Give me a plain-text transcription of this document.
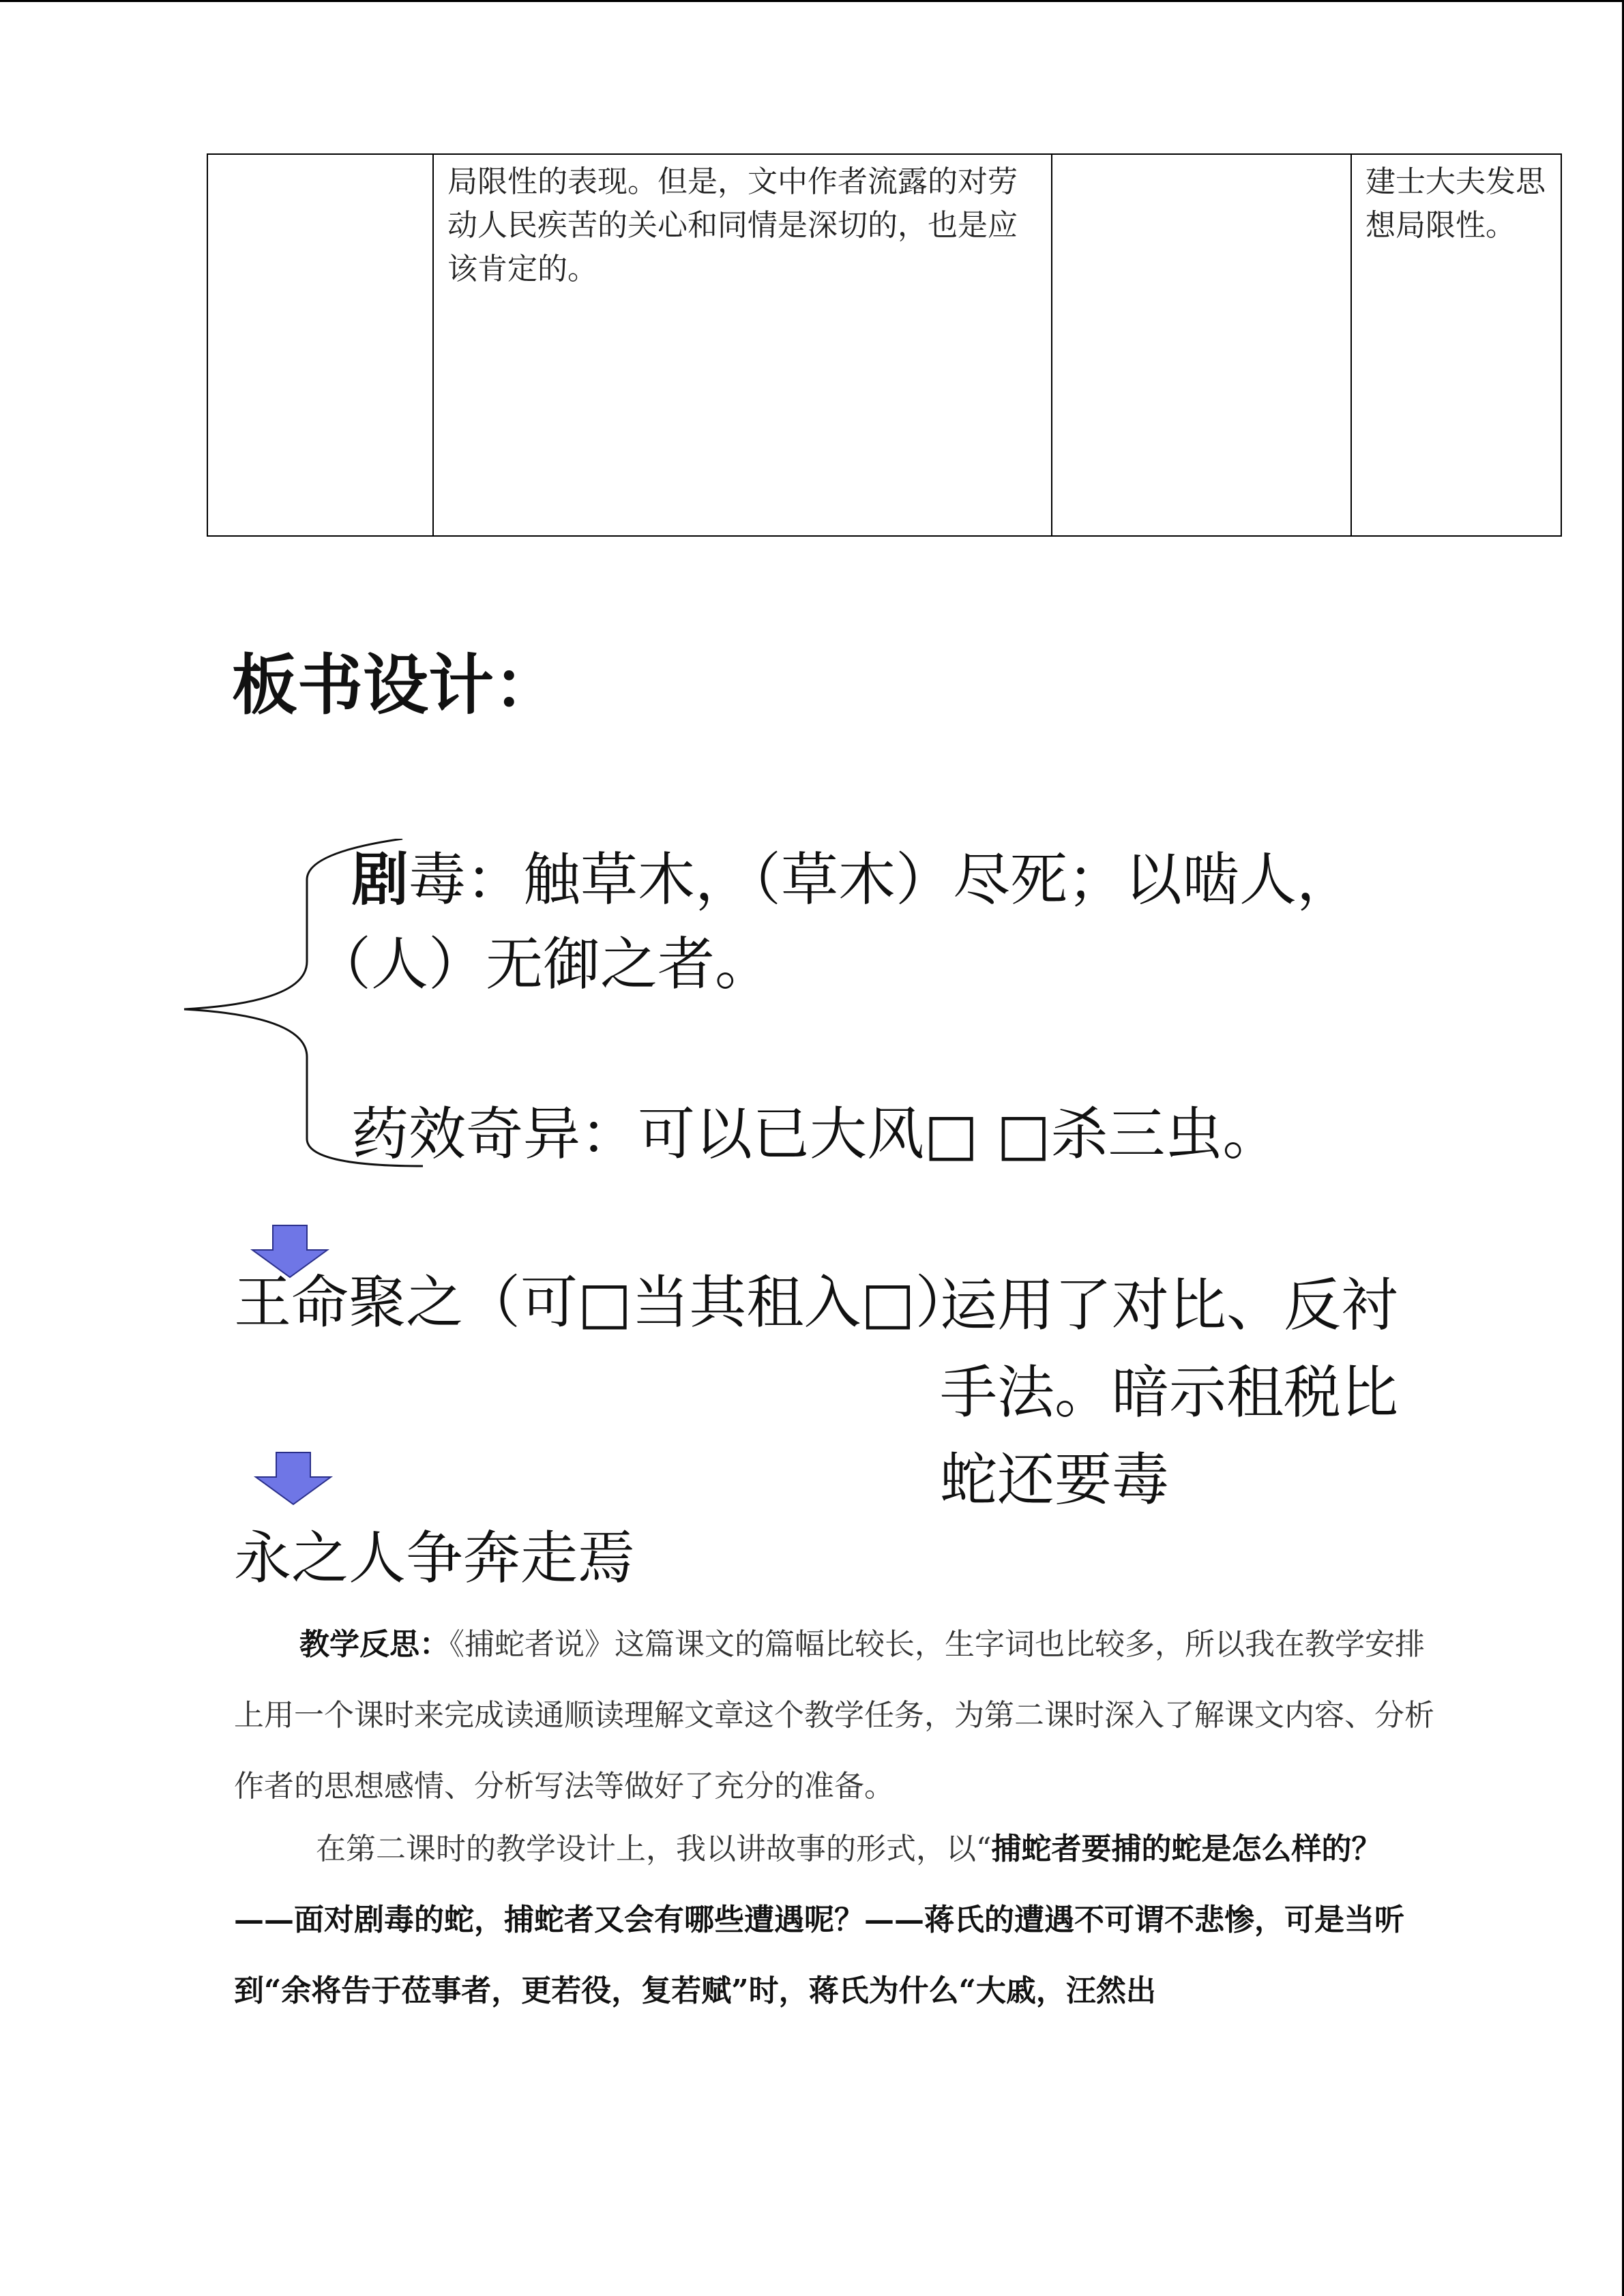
	局限性的表现。但是，文中作者流露的对劳动人民疾苦的关心和同情是深切的，也是应该肯定的。		建士大夫发思想局限性。
板书设计：
剧毒：触草木，（草木）尽死；以啮人，
（人）无御之者。
药效奇异：可以已大风□ □杀三虫。
王命聚之（可□当其租入□）
运用了对比、反衬手法。暗示租税比蛇还要毒
永之人争奔走焉
教学反思：《捕蛇者说》这篇课文的篇幅比较长，生字词也比较多，所以我在教学安排上用一个课时来完成读通顺读理解文章这个教学任务，为第二课时深入了解课文内容、分析作者的思想感情、分析写法等做好了充分的准备。
在第二课时的教学设计上，我以讲故事的形式，以“捕蛇者要捕的蛇是怎么样的？——面对剧毒的蛇，捕蛇者又会有哪些遭遇呢？——蒋氏的遭遇不可谓不悲惨，可是当听到“余将告于莅事者，更若役，复若赋”时，蒋氏为什么“大戚，汪然出
